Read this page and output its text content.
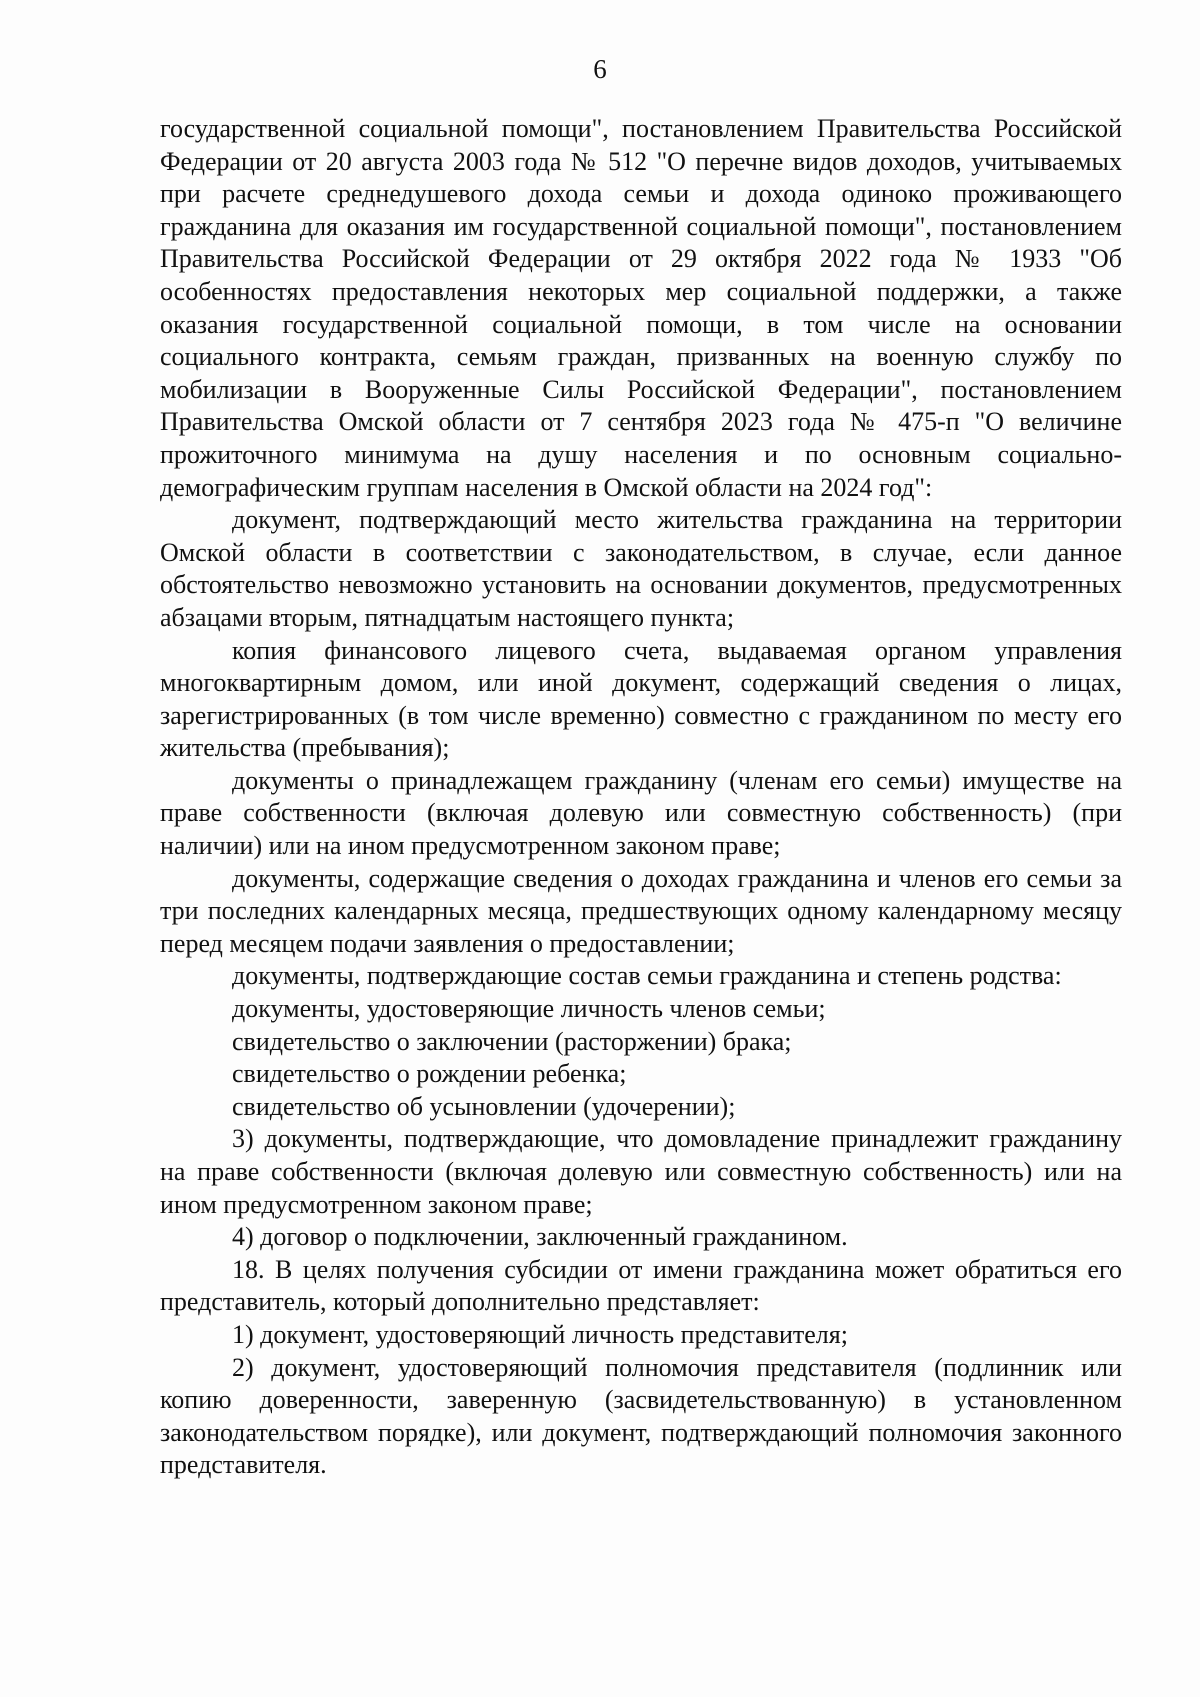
6

государственной социальной помощи", постановлением Правительства Российской Федерации от 20 августа 2003 года № 512 "О перечне видов доходов, учитываемых при расчете среднедушевого дохода семьи и дохода одиноко проживающего гражданина для оказания им государственной социальной помощи", постановлением Правительства Российской Федерации от 29 октября 2022 года № 1933 "Об особенностях предоставления некоторых мер социальной поддержки, а также оказания государственной социальной помощи, в том числе на основании социального контракта, семьям граждан, призванных на военную службу по мобилизации в Вооруженные Силы Российской Федерации", постановлением Правительства Омской области от 7 сентября 2023 года № 475-п "О величине прожиточного минимума на душу населения и по основным социально-демографическим группам населения в Омской области на 2024 год":

документ, подтверждающий место жительства гражданина на территории Омской области в соответствии с законодательством, в случае, если данное обстоятельство невозможно установить на основании документов, предусмотренных абзацами вторым, пятнадцатым настоящего пункта;

копия финансового лицевого счета, выдаваемая органом управления многоквартирным домом, или иной документ, содержащий сведения о лицах, зарегистрированных (в том числе временно) совместно с гражданином по месту его жительства (пребывания);

документы о принадлежащем гражданину (членам его семьи) имуществе на праве собственности (включая долевую или совместную собственность) (при наличии) или на ином предусмотренном законом праве;

документы, содержащие сведения о доходах гражданина и членов его семьи за три последних календарных месяца, предшествующих одному календарному месяцу перед месяцем подачи заявления о предоставлении;

документы, подтверждающие состав семьи гражданина и степень родства:

документы, удостоверяющие личность членов семьи;

свидетельство о заключении (расторжении) брака;

свидетельство о рождении ребенка;

свидетельство об усыновлении (удочерении);

3) документы, подтверждающие, что домовладение принадлежит гражданину на праве собственности (включая долевую или совместную собственность) или на ином предусмотренном законом праве;

4) договор о подключении, заключенный гражданином.

18. В целях получения субсидии от имени гражданина может обратиться его представитель, который дополнительно представляет:

1) документ, удостоверяющий личность представителя;

2) документ, удостоверяющий полномочия представителя (подлинник или копию доверенности, заверенную (засвидетельствованную) в установленном законодательством порядке), или документ, подтверждающий полномочия законного представителя.
